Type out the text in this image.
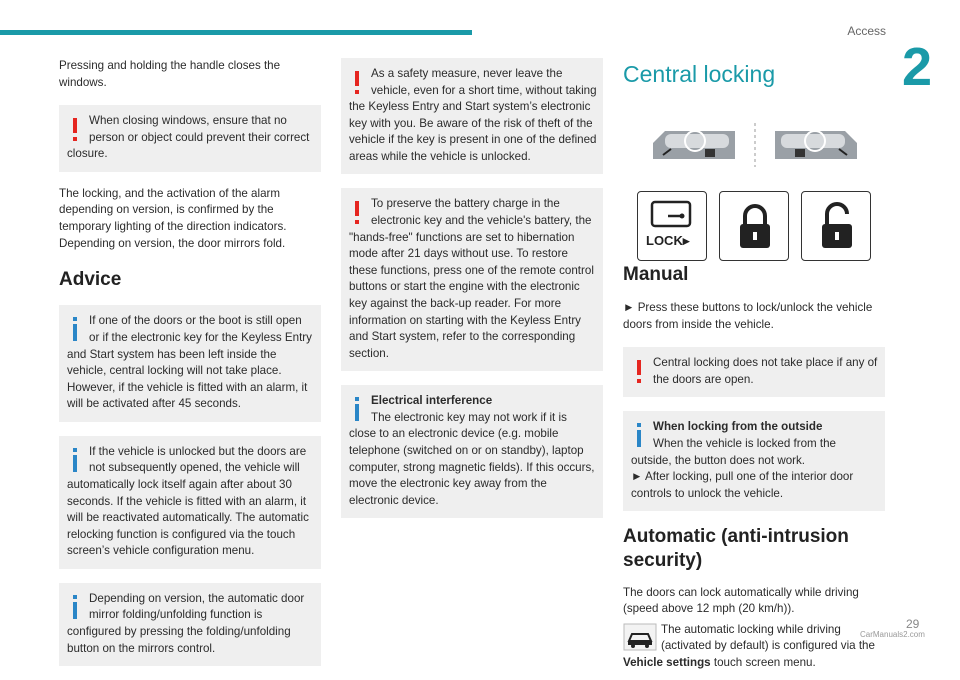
Access
2

Pressing and holding the handle closes the windows.

When closing windows, ensure that no person or object could prevent their correct closure.

The locking, and the activation of the alarm depending on version, is confirmed by the temporary lighting of the direction indicators. Depending on version, the door mirrors fold.

Advice
If one of the doors or the boot is still open or if the electronic key for the Keyless Entry and Start system has been left inside the vehicle, central locking will not take place. However, if the vehicle is fitted with an alarm, it will be activated after 45 seconds.
If the vehicle is unlocked but the doors are not subsequently opened, the vehicle will automatically lock itself again after about 30 seconds. If the vehicle is fitted with an alarm, it will be reactivated automatically. The automatic relocking function is configured via the touch screen’s vehicle configuration menu.
Depending on version, the automatic door mirror folding/unfolding function is configured by pressing the folding/unfolding button on the mirrors control.
As a safety measure, never leave the vehicle, even for a short time, without taking the Keyless Entry and Start system’s electronic key with you. Be aware of the risk of theft of the vehicle if the key is present in one of the defined areas while the vehicle is unlocked.
To preserve the battery charge in the electronic key and the vehicle's battery, the "hands-free" functions are set to hibernation mode after 21 days without use. To restore these functions, press one of the remote control buttons or start the engine with the electronic key against the back-up reader. For more information on starting with the Keyless Entry and Start system, refer to the corresponding section.
Electrical interference
The electronic key may not work if it is close to an electronic device (e.g. mobile telephone (switched on or on standby), laptop computer, strong magnetic fields). If this occurs, move the electronic key away from the electronic device.
Central locking
LOCK▸
Manual

► Press these buttons to lock/unlock the vehicle doors from inside the vehicle.

Central locking does not take place if any of the doors are open.
When locking from the outside
When the vehicle is locked from the outside, the button does not work.
► After locking, pull one of the interior door controls to unlock the vehicle.
Automatic (anti-intrusion security)

The doors can lock automatically while driving (speed above 12 mph (20 km/h)).

The automatic locking while driving (activated by default) is configured via the Vehicle settings touch screen menu.

29
CarManuals2.com
